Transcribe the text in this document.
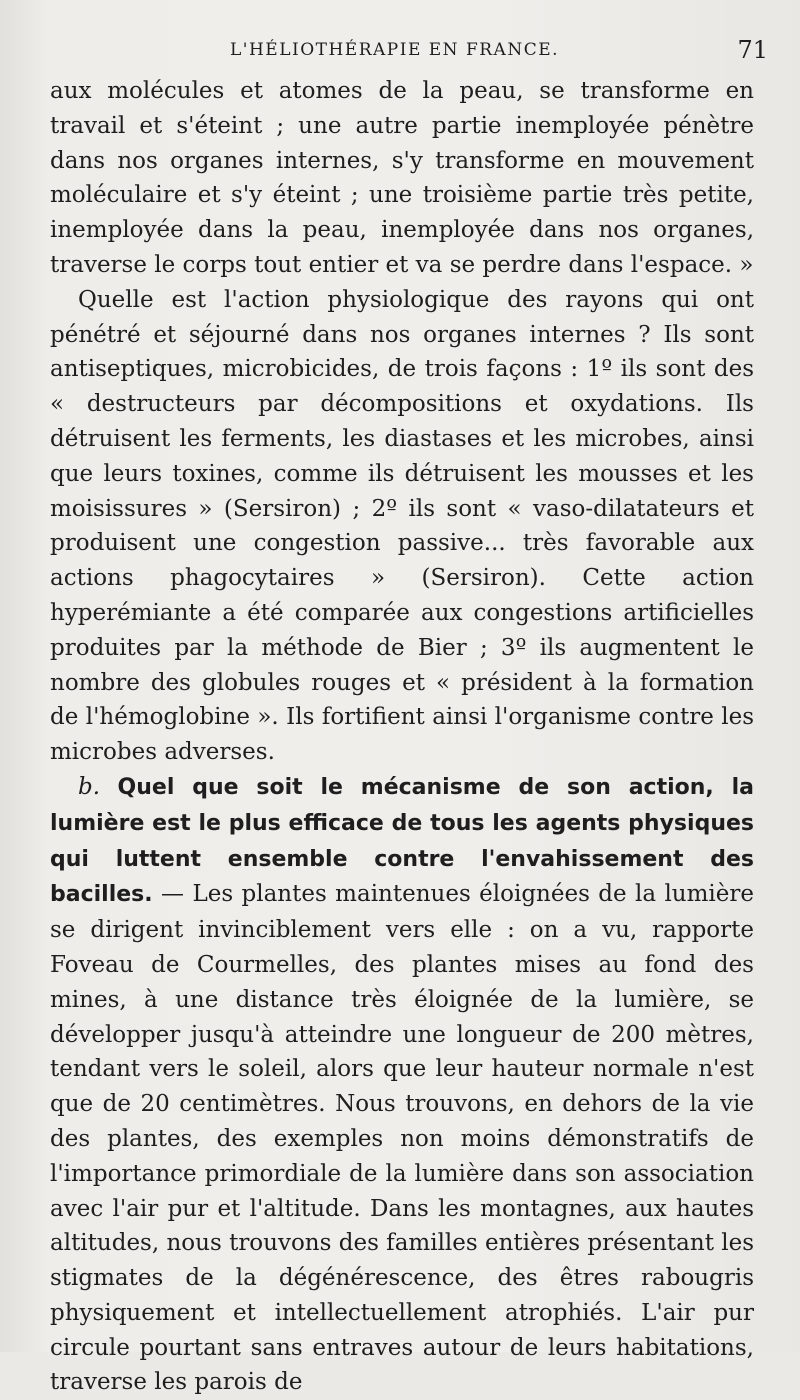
L'HÉLIOTHÉRAPIE EN FRANCE.	71

aux molécules et atomes de la peau, se transforme en travail et s'éteint ; une autre partie inemployée pénètre dans nos organes internes, s'y transforme en mouvement moléculaire et s'y éteint ; une troisième partie très petite, inemployée dans la peau, inemployée dans nos organes, traverse le corps tout entier et va se perdre dans l'espace. »

Quelle est l'action physiologique des rayons qui ont pénétré et séjourné dans nos organes internes ? Ils sont antiseptiques, microbicides, de trois façons : 1º ils sont des « destructeurs par décompositions et oxydations. Ils détruisent les ferments, les diastases et les microbes, ainsi que leurs toxines, comme ils détruisent les mousses et les moisissures » (Sersiron) ; 2º ils sont « vaso-dilatateurs et produisent une congestion passive... très favorable aux actions phagocytaires » (Sersiron). Cette action hyperémiante a été comparée aux congestions artificielles produites par la méthode de Bier ; 3º ils augmentent le nombre des globules rouges et « président à la formation de l'hémoglobine ». Ils fortifient ainsi l'organisme contre les microbes adverses.

b. Quel que soit le mécanisme de son action, la lumière est le plus efficace de tous les agents physiques qui luttent ensemble contre l'envahissement des bacilles. — Les plantes maintenues éloignées de la lumière se dirigent invinciblement vers elle : on a vu, rapporte Foveau de Courmelles, des plantes mises au fond des mines, à une distance très éloignée de la lumière, se développer jusqu'à atteindre une longueur de 200 mètres, tendant vers le soleil, alors que leur hauteur normale n'est que de 20 centimètres. Nous trouvons, en dehors de la vie des plantes, des exemples non moins démonstratifs de l'importance primordiale de la lumière dans son association avec l'air pur et l'altitude. Dans les montagnes, aux hautes altitudes, nous trouvons des familles entières présentant les stigmates de la dégénérescence, des êtres rabougris physiquement et intellectuellement atrophiés. L'air pur circule pourtant sans entraves autour de leurs habitations, traverse les parois de
